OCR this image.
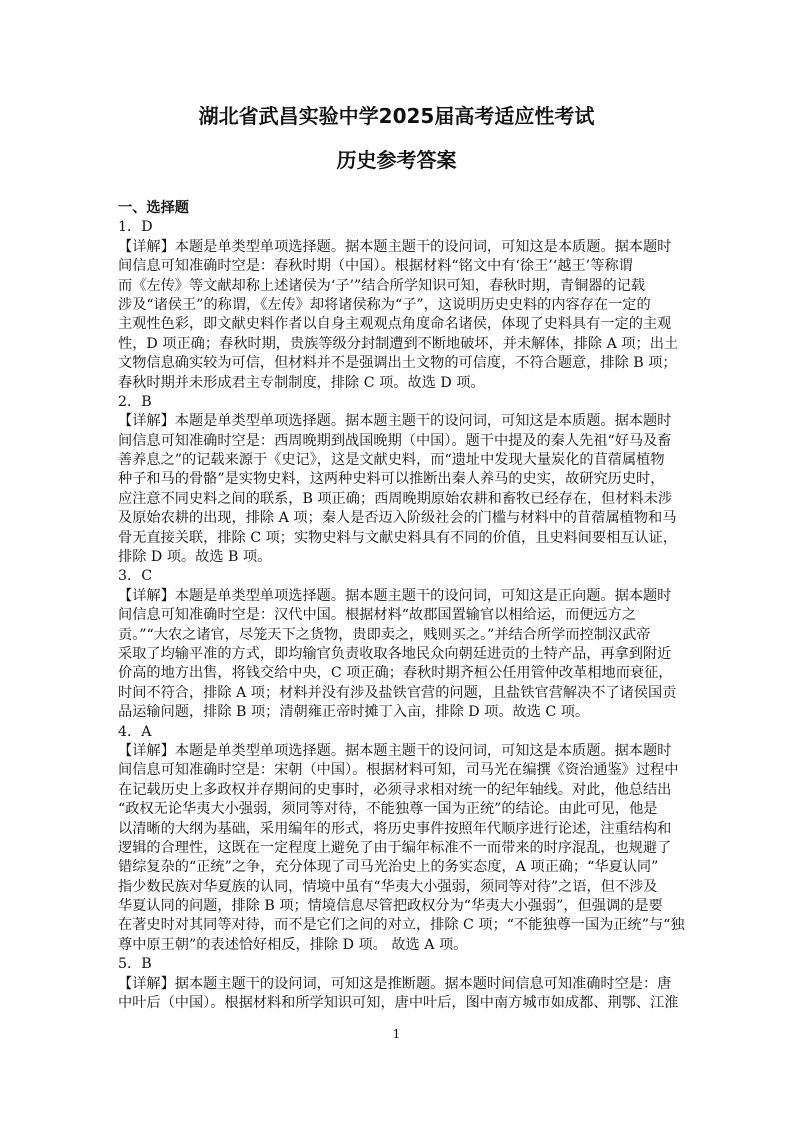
湖北省武昌实验中学2025届高考适应性考试
历史参考答案
一、选择题
1．D
【详解】本题是单类型单项选择题。据本题主题干的设问词，可知这是本质题。据本题时
间信息可知准确时空是：春秋时期（中国）。根据材料“铭文中有‘徐王’‘越王’等称谓
而《左传》等文献却称上述诸侯为‘子’”结合所学知识可知，春秋时期，青铜器的记载
涉及“诸侯王”的称谓，《左传》却将诸侯称为“子”，这说明历史史料的内容存在一定的
主观性色彩，即文献史料作者以自身主观观点角度命名诸侯，体现了史料具有一定的主观
性，D 项正确；春秋时期，贵族等级分封制遭到不断地破坏，并未解体，排除 A 项；出土
文物信息确实较为可信，但材料并不是强调出土文物的可信度，不符合题意，排除 B 项；
春秋时期并未形成君主专制制度，排除 C 项。故选 D 项。
2．B
【详解】本题是单类型单项选择题。据本题主题干的设问词，可知这是本质题。据本题时
间信息可知准确时空是：西周晚期到战国晚期（中国）。题干中提及的秦人先祖“好马及畜
善养息之”的记载来源于《史记》，这是文献史料，而“遗址中发现大量炭化的苜蓿属植物
种子和马的骨骼”是实物史料，这两种史料可以推断出秦人养马的史实，故研究历史时，
应注意不同史料之间的联系，B 项正确；西周晚期原始农耕和畜牧已经存在，但材料未涉
及原始农耕的出现，排除 A 项；秦人是否迈入阶级社会的门槛与材料中的苜蓿属植物和马
骨无直接关联，排除 C 项；实物史料与文献史料具有不同的价值，且史料间要相互认证，
排除 D 项。故选 B 项。
3．C
【详解】本题是单类型单项选择题。据本题主题干的设问词，可知这是正向题。据本题时
间信息可知准确时空是：汉代中国。根据材料“故郡国置输官以相给运，而便远方之
贡。”“大农之诸官，尽笼天下之货物，贵即卖之，贱则买之。”并结合所学而控制汉武帝
采取了均输平准的方式，即均输官负责收取各地民众向朝廷进贡的土特产品，再拿到附近
价高的地方出售，将钱交给中央，C 项正确；春秋时期齐桓公任用管仲改革相地而衰征，
时间不符合，排除 A 项；材料并没有涉及盐铁官营的问题，且盐铁官营解决不了诸侯国贡
品运输问题，排除 B 项；清朝雍正帝时摊丁入亩，排除 D 项。故选 C 项。
4．A
【详解】本题是单类型单项选择题。据本题主题干的设问词，可知这是本质题。据本题时
间信息可知准确时空是：宋朝（中国）。根据材料可知，司马光在编撰《资治通鉴》过程中
在记载历史上多政权并存期间的史事时，必须寻求相对统一的纪年轴线。对此，他总结出
“政权无论华夷大小强弱，须同等对待，不能独尊一国为正统”的结论。由此可见，他是
以清晰的大纲为基础，采用编年的形式，将历史事件按照年代顺序进行论述，注重结构和
逻辑的合理性，这既在一定程度上避免了由于编年标准不一而带来的时序混乱，也规避了
错综复杂的“正统”之争，充分体现了司马光治史上的务实态度，A 项正确；“华夏认同”
指少数民族对华夏族的认同，情境中虽有“华夷大小强弱，须同等对待”之语，但不涉及
华夏认同的问题，排除 B 项；情境信息尽管把政权分为“华夷大小强弱”，但强调的是要
在著史时对其同等对待，而不是它们之间的对立，排除 C 项；“不能独尊一国为正统”与“独
尊中原王朝”的表述恰好相反，排除 D 项。 故选 A 项。
5．B
【详解】据本题主题干的设问词，可知这是推断题。据本题时间信息可知准确时空是：唐
中叶后（中国）。根据材料和所学知识可知，唐中叶后，图中南方城市如成都、荆鄂、江淮
1
